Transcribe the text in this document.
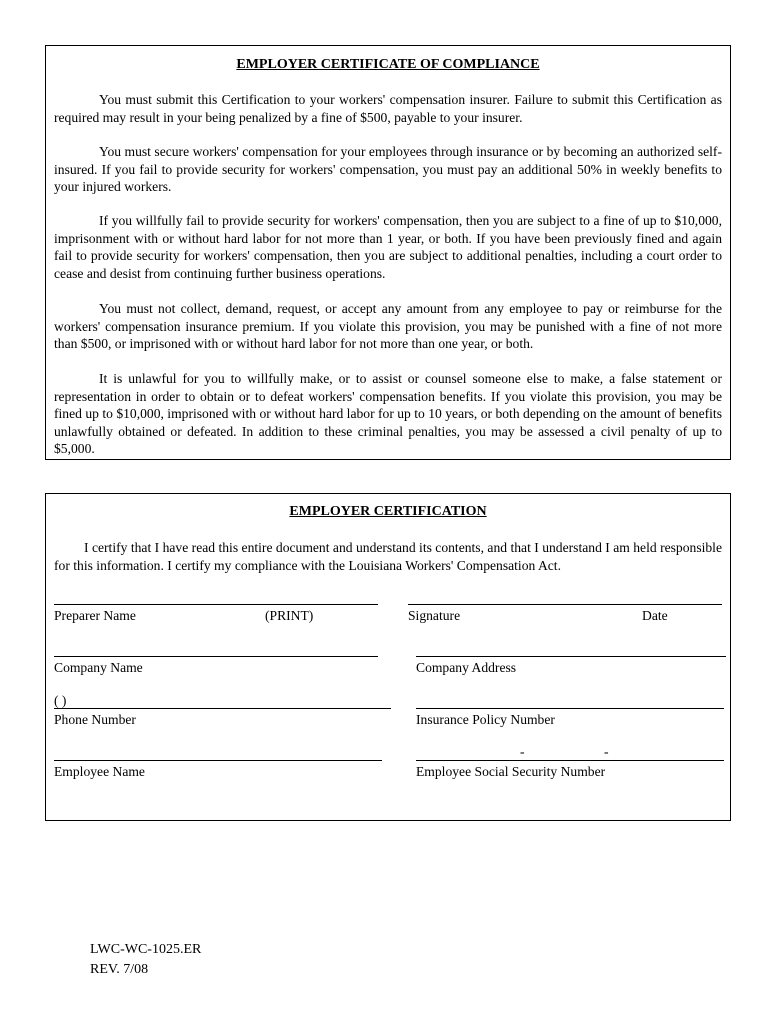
EMPLOYER CERTIFICATE OF COMPLIANCE

You must submit this Certification to your workers' compensation insurer. Failure to submit this Certification as required may result in your being penalized by a fine of $500, payable to your insurer.

You must secure workers' compensation for your employees through insurance or by becoming an authorized self-insured. If you fail to provide security for workers' compensation, you must pay an additional 50% in weekly benefits to your injured workers.

If you willfully fail to provide security for workers' compensation, then you are subject to a fine of up to $10,000, imprisonment with or without hard labor for not more than 1 year, or both. If you have been previously fined and again fail to provide security for workers' compensation, then you are subject to additional penalties, including a court order to cease and desist from continuing further business operations.

You must not collect, demand, request, or accept any amount from any employee to pay or reimburse for the workers' compensation insurance premium. If you violate this provision, you may be punished with a fine of not more than $500, or imprisoned with or without hard labor for not more than one year, or both.

It is unlawful for you to willfully make, or to assist or counsel someone else to make, a false statement or representation in order to obtain or to defeat workers' compensation benefits. If you violate this provision, you may be fined up to $10,000, imprisoned with or without hard labor for up to 10 years, or both depending on the amount of benefits unlawfully obtained or defeated. In addition to these criminal penalties, you may be assessed a civil penalty of up to $5,000.

EMPLOYER CERTIFICATION

I certify that I have read this entire document and understand its contents, and that I understand I am held responsible for this information. I certify my compliance with the Louisiana Workers' Compensation Act.

Preparer Name	(PRINT)	Signature	Date
Company Name	Company Address
( )
Phone Number	Insurance Policy Number
-	-
Employee Name	Employee Social Security Number
LWC-WC-1025.ER
REV. 7/08
